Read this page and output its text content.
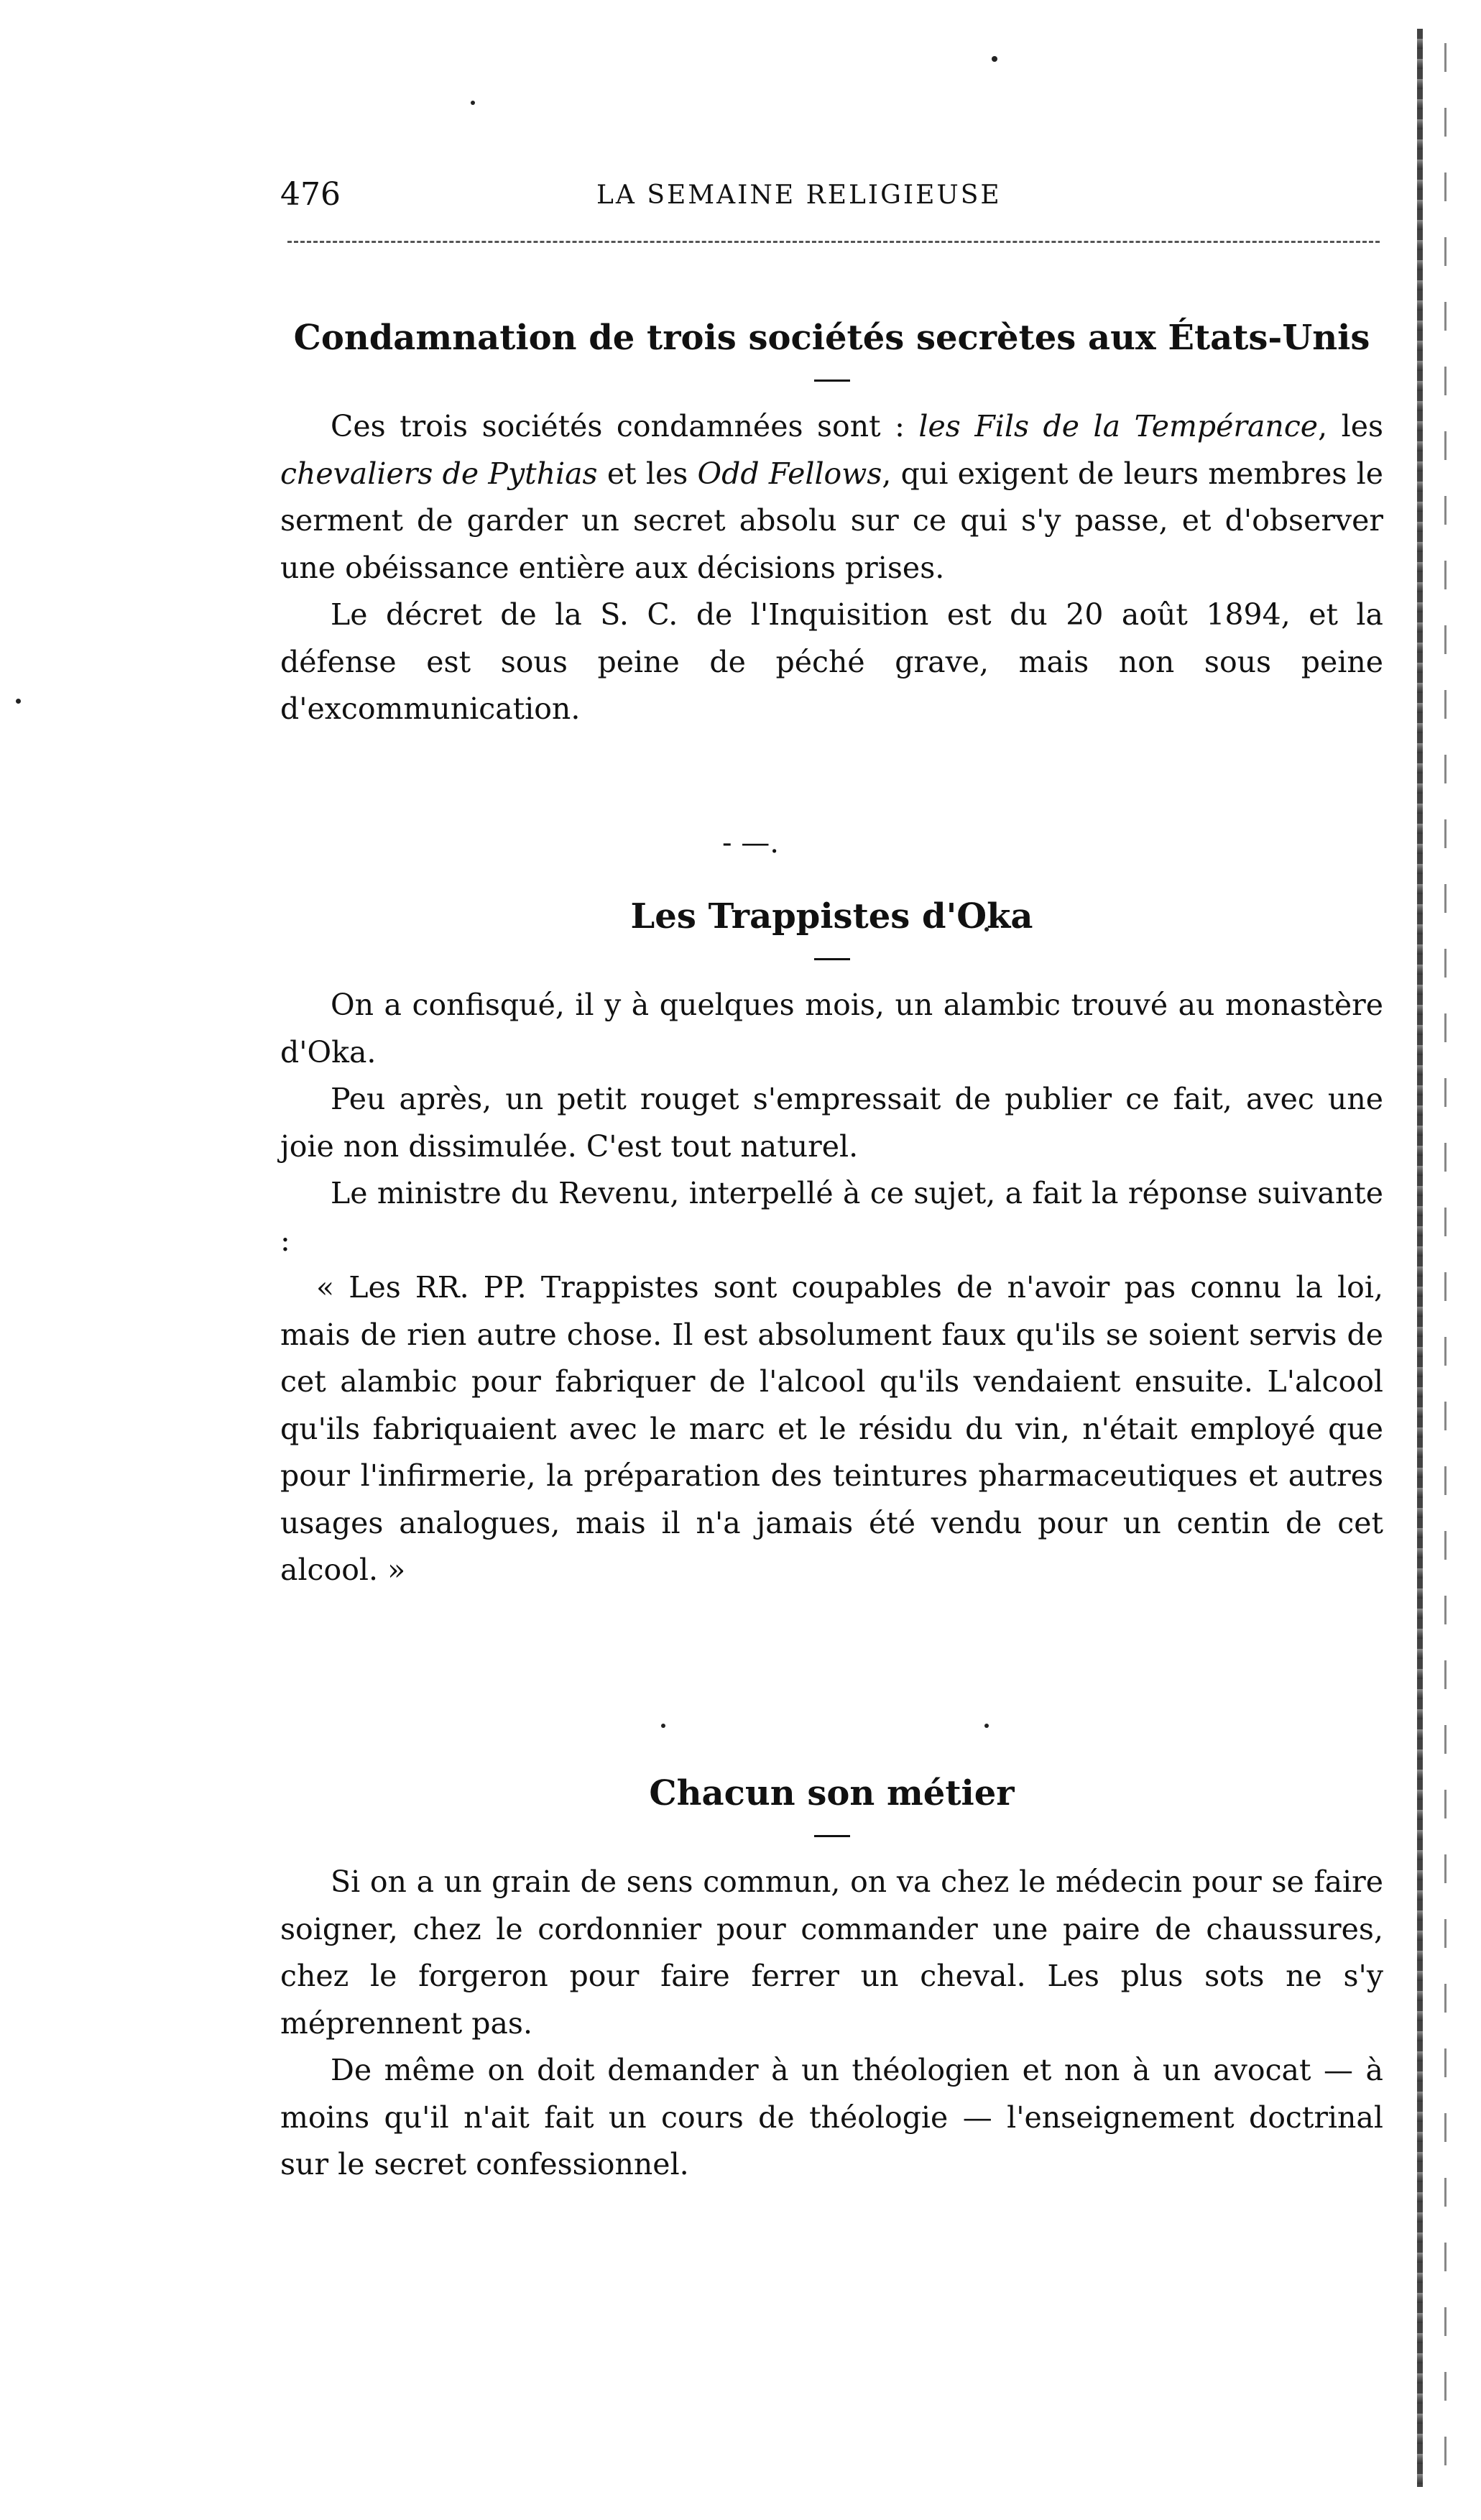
476	LA SEMAINE RELIGIEUSE
Condamnation de trois sociétés secrètes aux États-Unis

Ces trois sociétés condamnées sont : les Fils de la Tempérance, les chevaliers de Pythias et les Odd Fellows, qui exigent de leurs membres le serment de garder un secret absolu sur ce qui s'y passe, et d'observer une obéissance entière aux décisions prises.

Le décret de la S. C. de l'Inquisition est du 20 août 1894, et la défense est sous peine de péché grave, mais non sous peine d'excommunication.

- —.
Les Trappistes d'Oka

On a confisqué, il y à quelques mois, un alambic trouvé au monastère d'Oka.

Peu après, un petit rouget s'empressait de publier ce fait, avec une joie non dissimulée. C'est tout naturel.

Le ministre du Revenu, interpellé à ce sujet, a fait la réponse suivante :

« Les RR. PP. Trappistes sont coupables de n'avoir pas connu la loi, mais de rien autre chose. Il est absolument faux qu'ils se soient servis de cet alambic pour fabriquer de l'alcool qu'ils vendaient ensuite. L'alcool qu'ils fabriquaient avec le marc et le résidu du vin, n'était employé que pour l'infirmerie, la préparation des teintures pharmaceutiques et autres usages analogues, mais il n'a jamais été vendu pour un centin de cet alcool. »

Chacun son métier

Si on a un grain de sens commun, on va chez le médecin pour se faire soigner, chez le cordonnier pour commander une paire de chaussures, chez le forgeron pour faire ferrer un cheval. Les plus sots ne s'y méprennent pas.

De même on doit demander à un théologien et non à un avocat — à moins qu'il n'ait fait un cours de théologie — l'enseignement doctrinal sur le secret confessionnel.
